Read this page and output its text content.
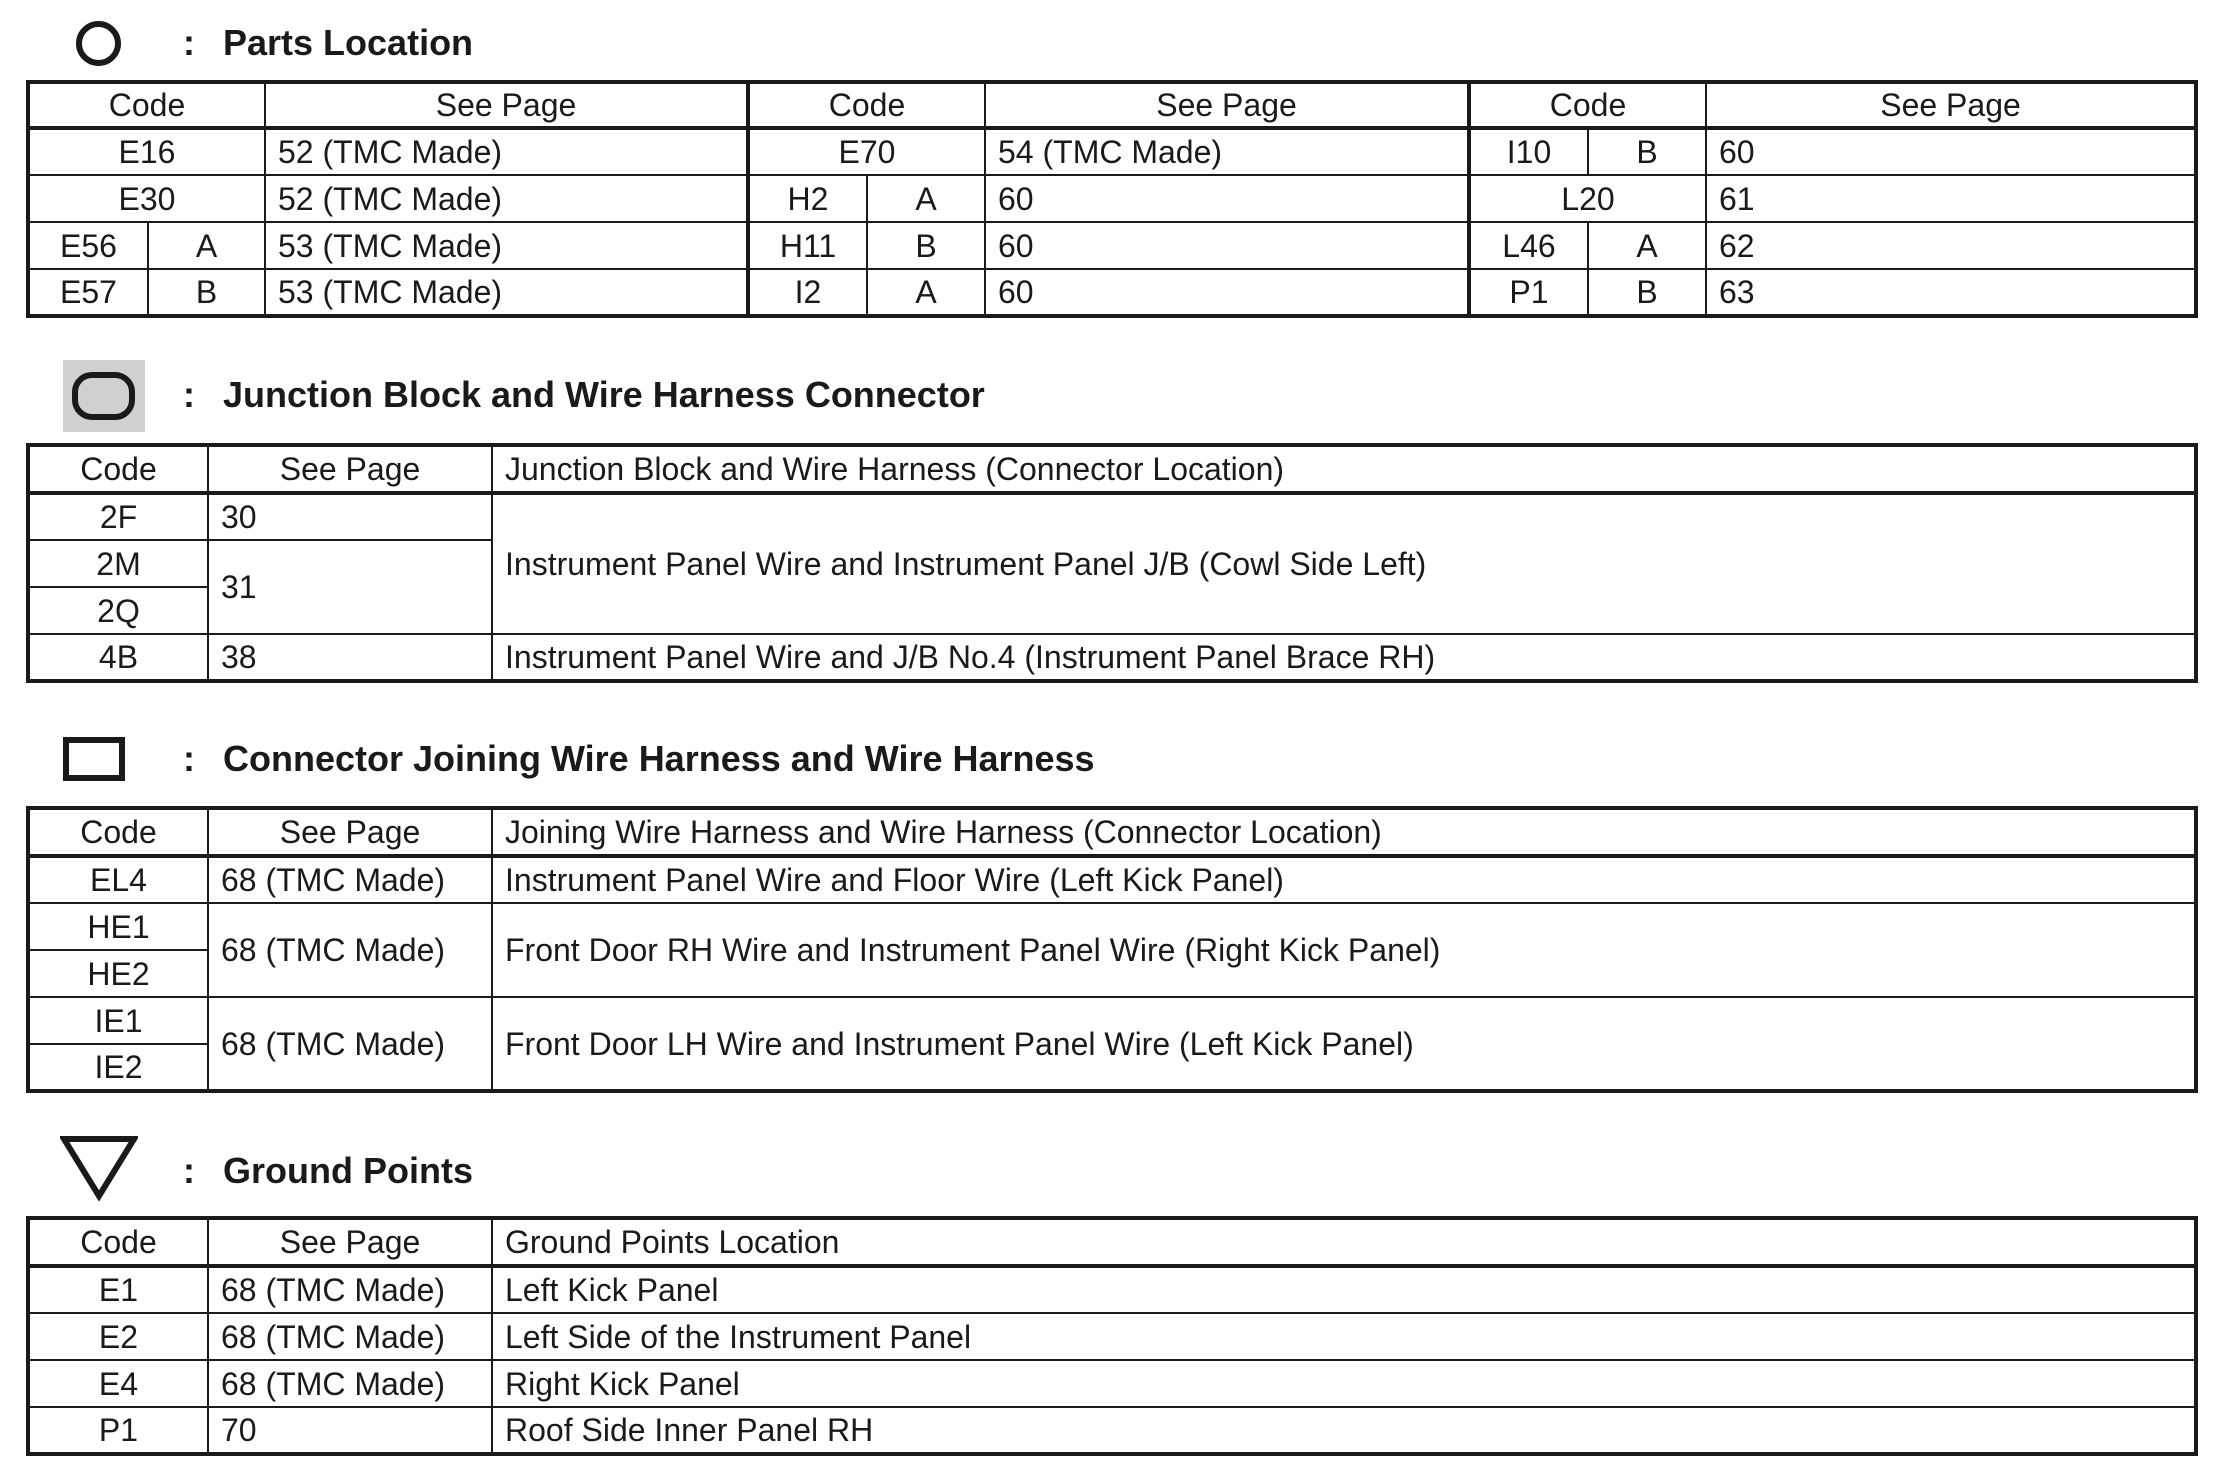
: Parts Location
Code		See Page	Code		See Page	Code		See Page
E16		52 (TMC Made)	E70		54 (TMC Made)	I10	B	60
E30		52 (TMC Made)	H2	A	60	L20		61
E56	A	53 (TMC Made)	H11	B	60	L46	A	62
E57	B	53 (TMC Made)	I2	A	60	P1	B	63
: Junction Block and Wire Harness Connector
Code	See Page	Junction Block and Wire Harness (Connector Location)
2F	30	Instrument Panel Wire and Instrument Panel J/B (Cowl Side Left)
2M	31	
2Q		
4B	38	Instrument Panel Wire and J/B No.4 (Instrument Panel Brace RH)
: Connector Joining Wire Harness and Wire Harness
Code	See Page	Joining Wire Harness and Wire Harness (Connector Location)
EL4	68 (TMC Made)	Instrument Panel Wire and Floor Wire (Left Kick Panel)
HE1	68 (TMC Made)	Front Door RH Wire and Instrument Panel Wire (Right Kick Panel)
HE2		
IE1	68 (TMC Made)	Front Door LH Wire and Instrument Panel Wire (Left Kick Panel)
IE2		
: Ground Points
Code	See Page	Ground Points Location
E1	68 (TMC Made)	Left Kick Panel
E2	68 (TMC Made)	Left Side of the Instrument Panel
E4	68 (TMC Made)	Right Kick Panel
P1	70	Roof Side Inner Panel RH
